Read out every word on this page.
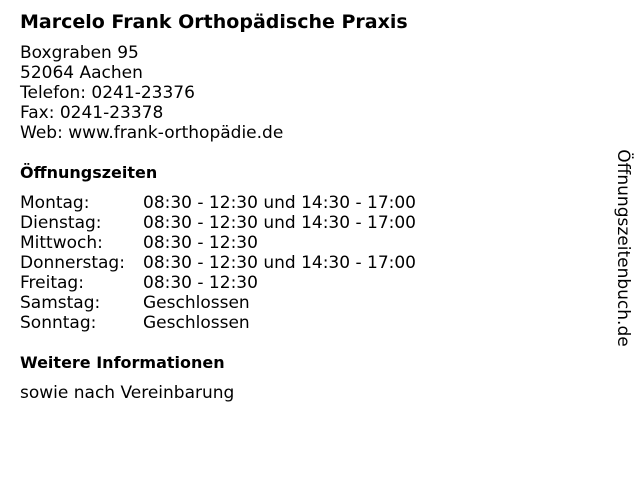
Marcelo Frank Orthopädische Praxis
Boxgraben 95
52064 Aachen
Telefon: 0241-23376
Fax: 0241-23378
Web: www.frank-orthopädie.de
Öffnungszeiten
Montag:	08:30 - 12:30 und 14:30 - 17:00
Dienstag:	08:30 - 12:30 und 14:30 - 17:00
Mittwoch:	08:30 - 12:30
Donnerstag:	08:30 - 12:30 und 14:30 - 17:00
Freitag:	08:30 - 12:30
Samstag:	Geschlossen
Sonntag:	Geschlossen
Weitere Informationen
sowie nach Vereinbarung
Öffnungszeitenbuch.de
